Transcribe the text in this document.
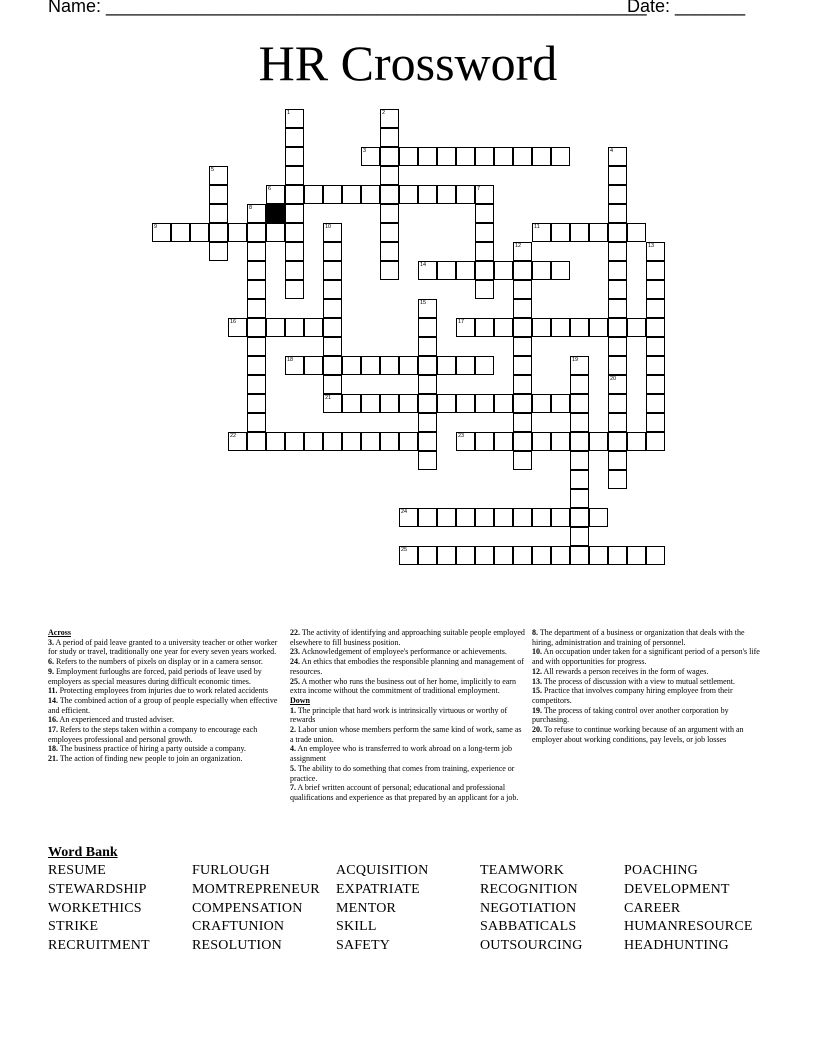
Name: ______________________________________________________
Date: _______
HR Crossword
1	2
3	4
20
5
6	7
8
9	10
21
11
12	13
14
15
16	17
18	19
22	23
24
25
Across
3. A period of paid leave granted to a university teacher or other worker for study or travel, traditionally one year for every seven years worked.
6. Refers to the numbers of pixels on display or in a camera sensor.
9. Employment furloughs are forced, paid periods of leave used by employers as special measures during difficult economic times.
11. Protecting employees from injuries due to work related accidents
14. The combined action of a group of people especially when effective and efficient.
16. An experienced and trusted adviser.
17. Refers to the steps taken within a company to encourage each employees professional and personal growth.
18. The business practice of hiring a party outside a company.
21. The action of finding new people to join an organization.
22. The activity of identifying and approaching suitable people employed elsewhere to fill business position.
23. Acknowledgement of employee's performance or achievements.
24. An ethics that embodies the responsible planning and management of resources.
25. A mother who runs the business out of her home, implicitly to earn extra income without the commitment of traditional employment.
Down
1. The principle that hard work is intrinsically virtuous or worthy of rewards
2. Labor union whose members perform the same kind of work, same as a trade union.
4. An employee who is transferred to work abroad on a long-term job assignment
5. The ability to do something that comes from training, experience or practice.
7. A brief written account of personal; educational and professional qualifications and experience as that prepared by an applicant for a job.
8. The department of a business or organization that deals with the hiring, administration and training of personnel.
10. An occupation under taken for a significant period of a person's life and with opportunities for progress.
12. All rewards a person receives in the form of wages.
13. The process of discussion with a view to mutual settlement.
15. Practice that involves company hiring employee from their competitors.
19. The process of taking control over another corporation by purchasing.
20. To refuse to continue working because of an argument with an employer about working conditions, pay levels, or job losses
Word Bank
RESUME	FURLOUGH	ACQUISITION	TEAMWORK	POACHING
STEWARDSHIP	MOMTREPRENEUR EXPATRIATE	RECOGNITION	DEVELOPMENT
WORKETHICS	COMPENSATION MENTOR	NEGOTIATION	CAREER
STRIKE	CRAFTUNION	SKILL	SABBATICALS	HUMANRESOURCE
RECRUITMENT	RESOLUTION	SAFETY	OUTSOURCING	HEADHUNTING
